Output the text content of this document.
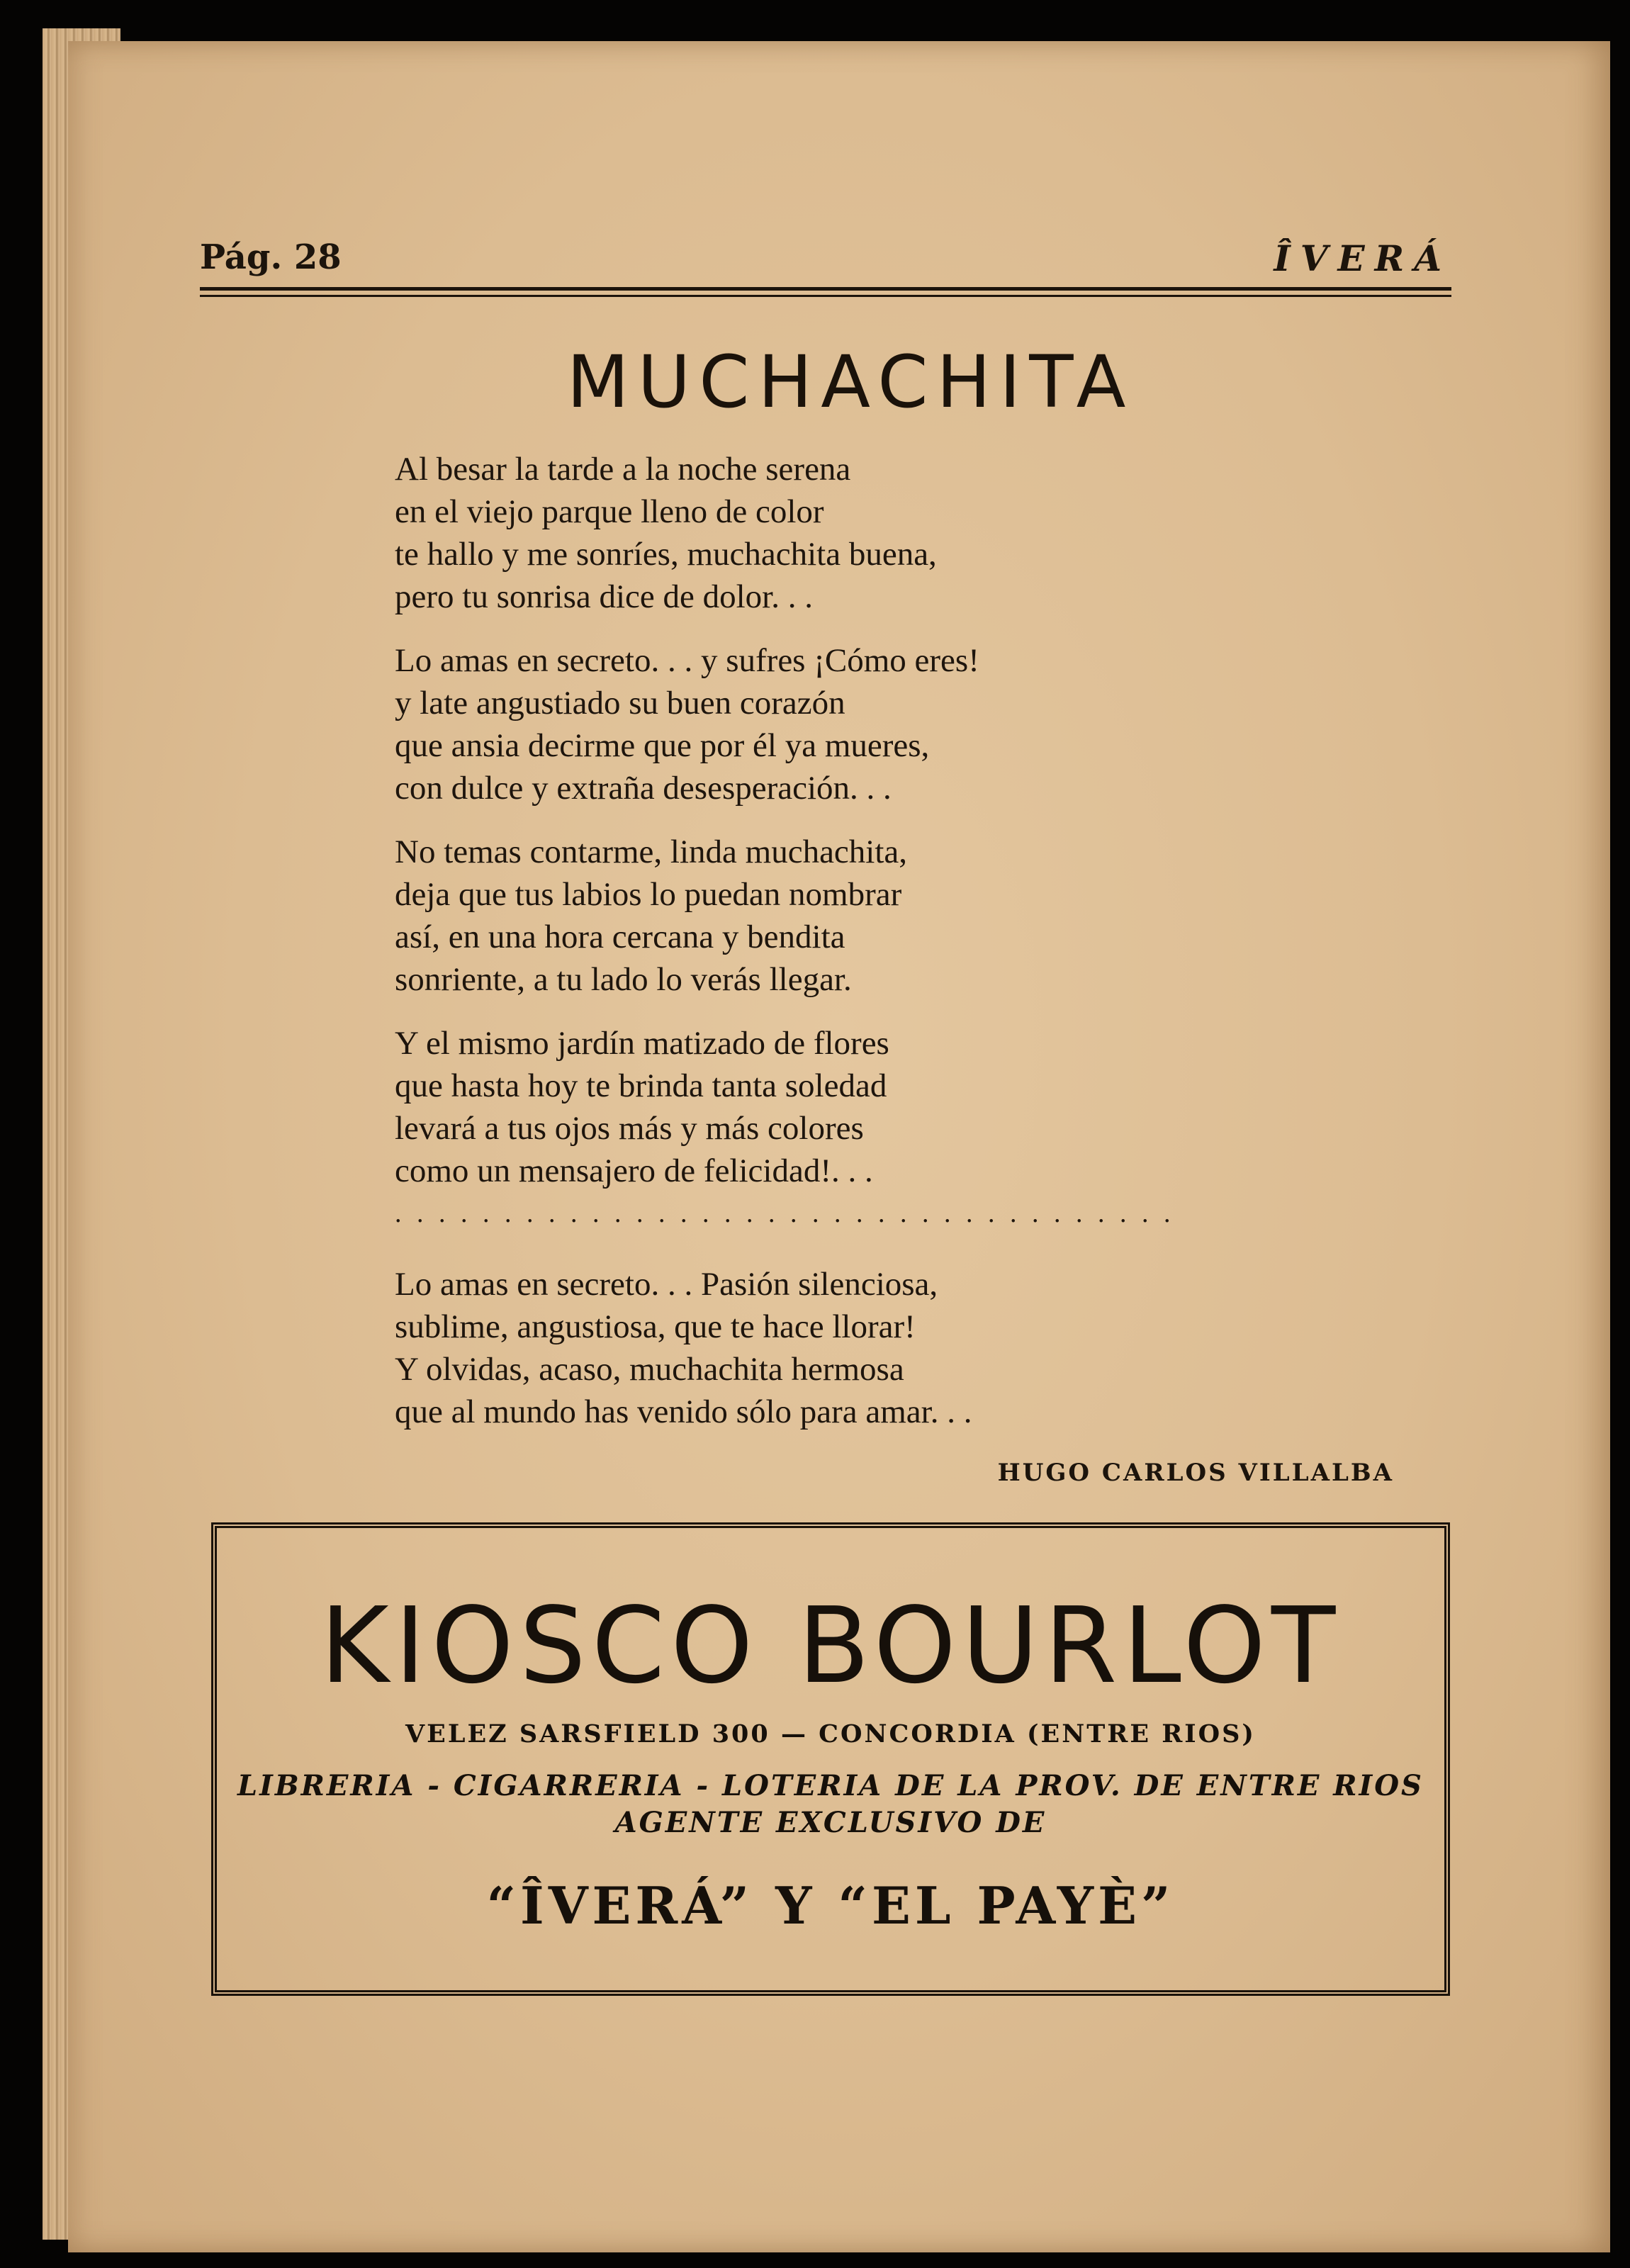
Pág. 28	ÎVERÁ
MUCHACHITA
Al besar la tarde a la noche serena
en el viejo parque lleno de color
te hallo y me sonríes, muchachita buena,
pero tu sonrisa dice de dolor. . .
Lo amas en secreto. . . y sufres ¡Cómo eres!
y late angustiado su buen corazón
que ansia decirme que por él ya mueres,
con dulce y extraña desesperación. . .
No temas contarme, linda muchachita,
deja que tus labios lo puedan nombrar
así, en una hora cercana y bendita
sonriente, a tu lado lo verás llegar.
Y el mismo jardín matizado de flores
que hasta hoy te brinda tanta soledad
levará a tus ojos más y más colores
como un mensajero de felicidad!. . .
. . . . . . . . . . . . . . . . . . . . . . . . . . . . . . . . . . . .
Lo amas en secreto. . . Pasión silenciosa,
sublime, angustiosa, que te hace llorar!
Y olvidas, acaso, muchachita hermosa
que al mundo has venido sólo para amar. . .
HUGO CARLOS VILLALBA
KIOSCO BOURLOT
VELEZ SARSFIELD 300 — CONCORDIA (ENTRE RIOS)
LIBRERIA - CIGARRERIA - LOTERIA DE LA PROV. DE ENTRE RIOS
AGENTE EXCLUSIVO DE
“ÎVERÁ” Y “EL PAYÈ”
